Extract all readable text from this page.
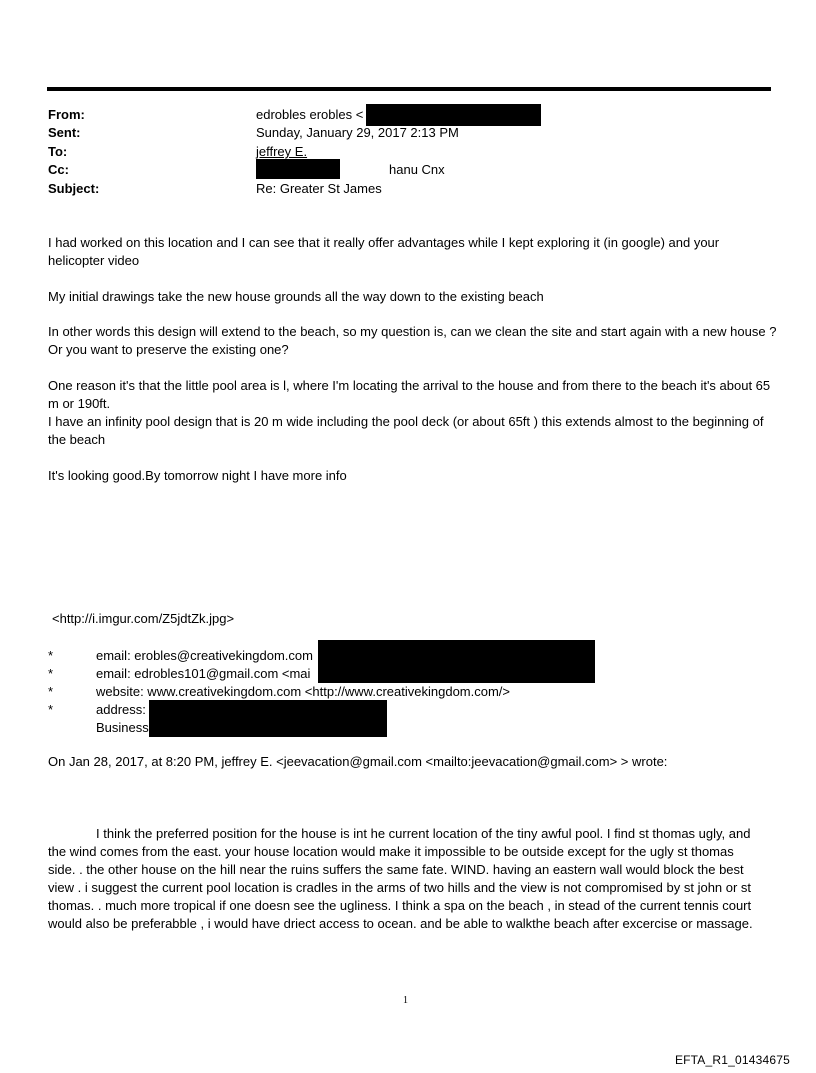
From:	edrobles erobles <
Sent:	Sunday, January 29, 2017 2:13 PM
To:	jeffrey E.
Cc:	hanu Cnx
Subject:	Re: Greater St James

I had worked on this location and I can see that it really offer advantages while I kept exploring it (in google) and your helicopter video

My initial drawings take the new house grounds all the way down to the existing beach

In other words this design will extend to the beach, so my question is, can we clean the site and start again with a new house ? Or you want to preserve the existing one?

One reason it's that the little pool area is l, where I'm locating the arrival to the house and from there to the beach it's about 65 m or 190ft.

I have an infinity pool design that is 20 m wide including the pool deck (or about 65ft ) this extends almost to the beginning of the beach

It's looking good.By tomorrow night I have more info

<http://i.imgur.com/Z5jdtZk.jpg>
*	email: erobles@creativekingdom.com
*	email: edrobles101@gmail.com <mai
*	website: www.creativekingdom.com <http://www.creativekingdom.com/>
*	address:
Business

On Jan 28, 2017, at 8:20 PM, jeffrey E. <jeevacation@gmail.com <mailto:jeevacation@gmail.com> > wrote:

I think the preferred position for the house is int he current location of the tiny awful pool. I find st thomas ugly, and the wind comes from the east. your house location would make it impossible to be outside except for the ugly st thomas side. . the other house on the hill near the ruins suffers the same fate. WIND. having an eastern wall would block the best view . i suggest the current pool location is cradles in the arms of two hills and the view is not compromised by st john or st thomas. . much more tropical if one doesn see the ugliness. I think a spa on the beach , in stead of the current tennis court would also be preferabble , i would have driect access to ocean. and be able to walkthe beach after excercise or massage.

1
EFTA_R1_01434675
